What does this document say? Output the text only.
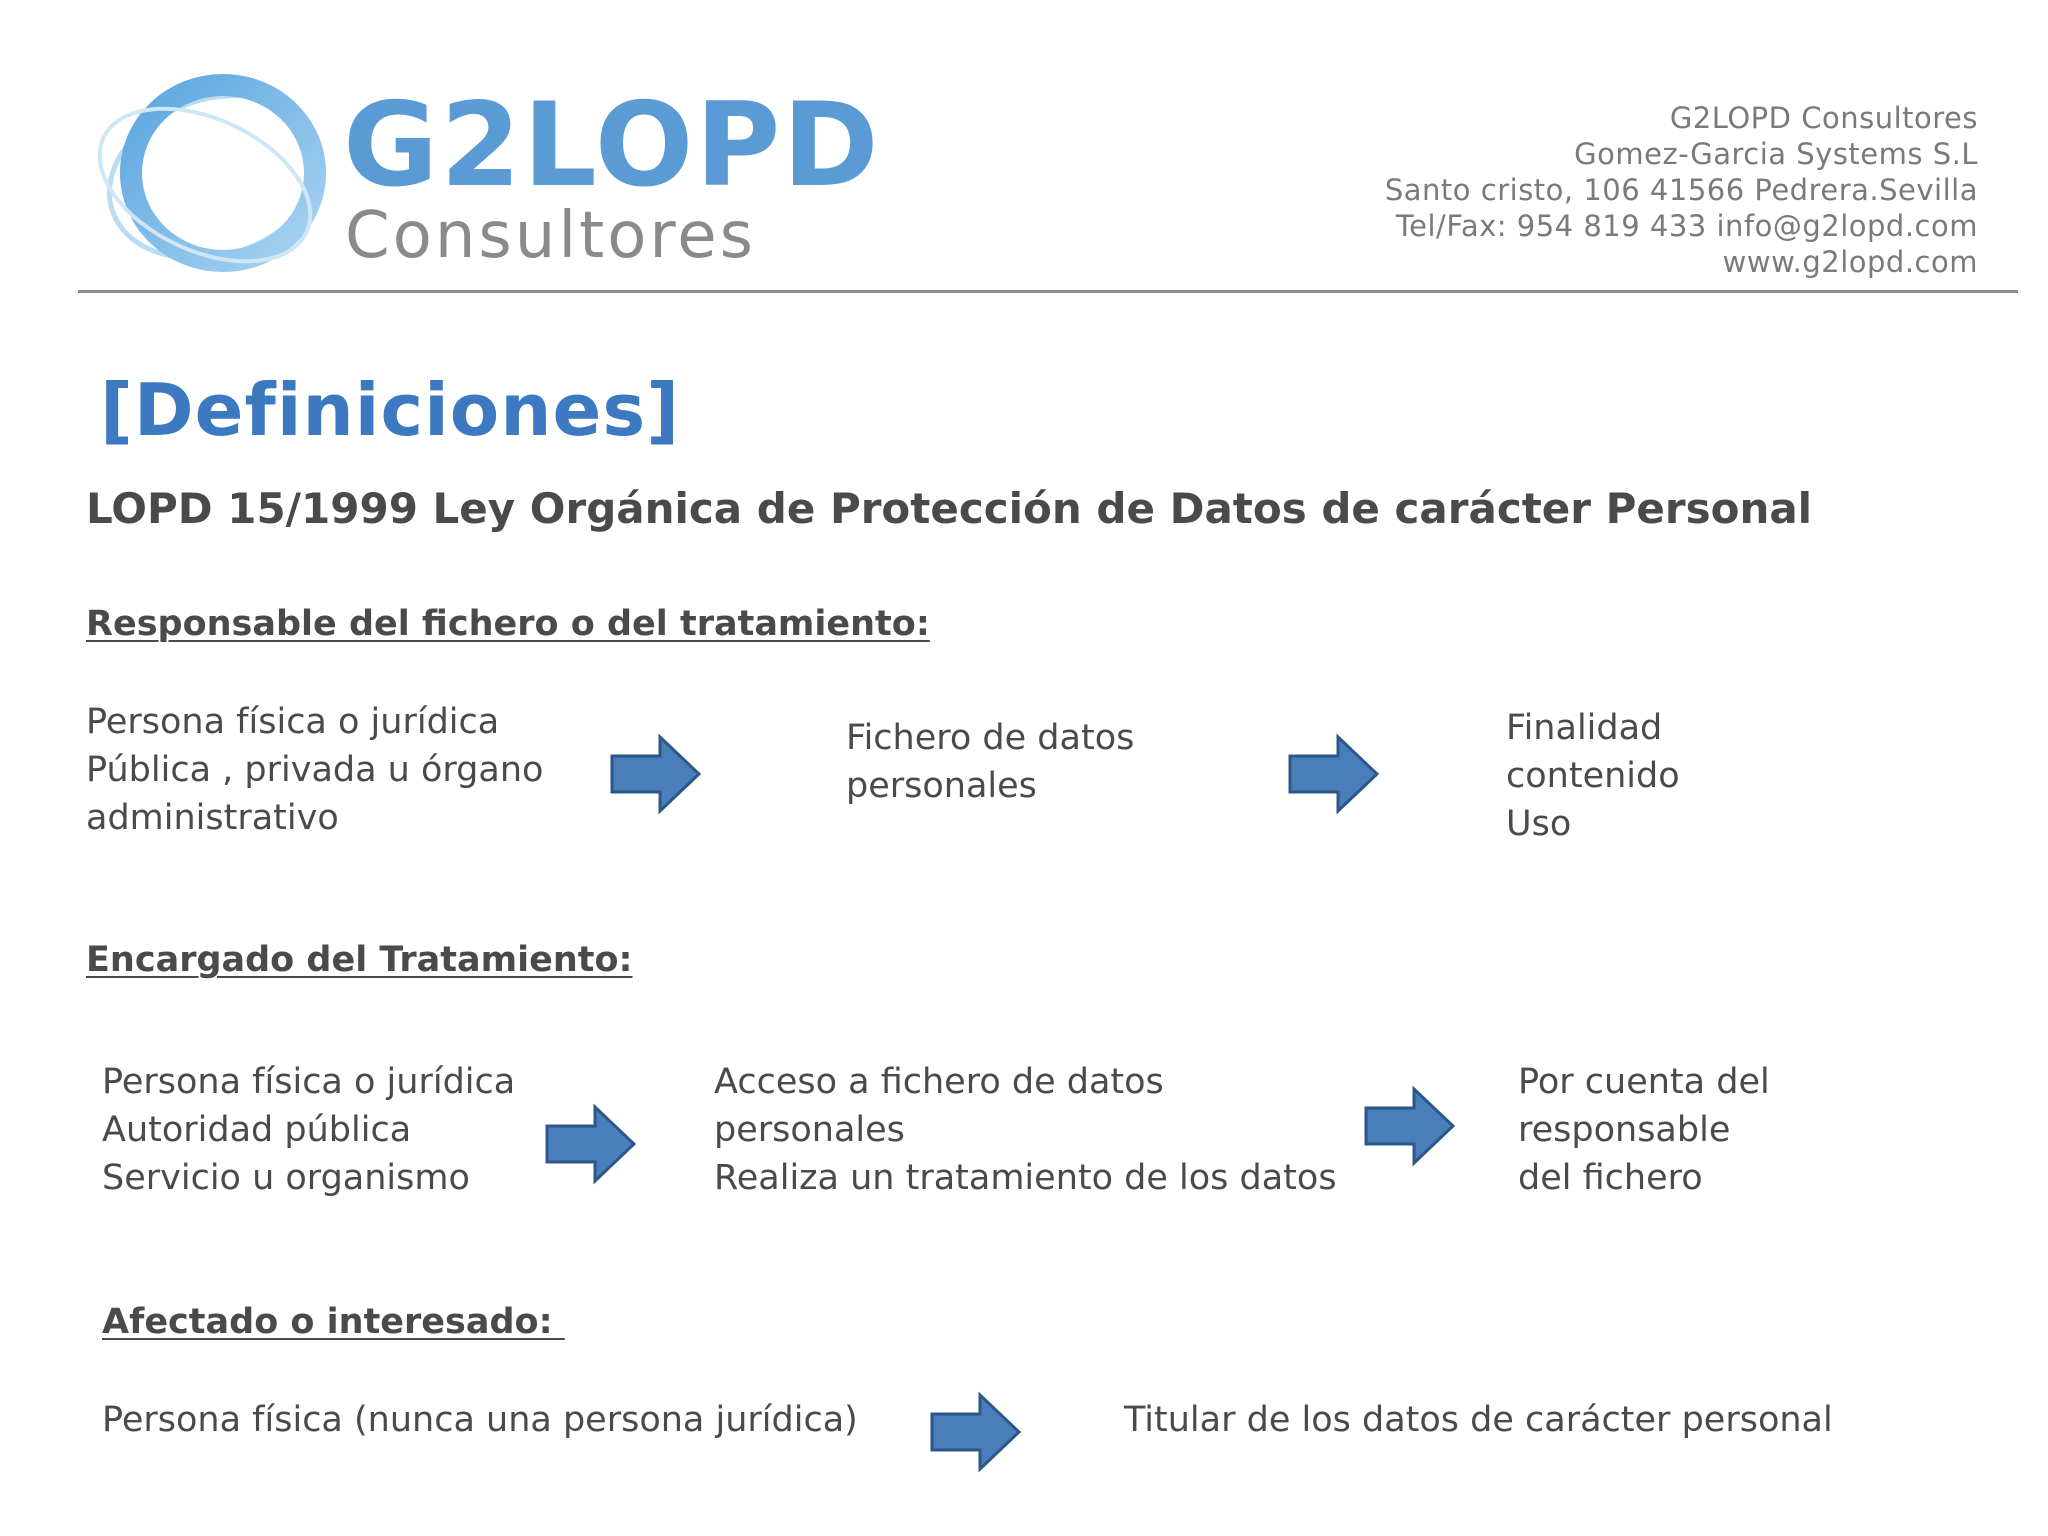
G2LOPD
Consultores
G2LOPD Consultores
Gomez-Garcia Systems S.L
Santo cristo, 106 41566 Pedrera.Sevilla
Tel/Fax: 954 819 433 info@g2lopd.com
www.g2lopd.com
[Definiciones]
LOPD 15/1999 Ley Orgánica de Protección de Datos de carácter Personal
Responsable del fichero o del tratamiento:
Persona física o jurídica
Pública , privada u órgano
administrativo
Fichero de datos
personales
Finalidad
contenido
Uso
Encargado del Tratamiento:
Persona física o jurídica
Autoridad pública
Servicio u organismo
Acceso a fichero de datos
personales
Realiza un tratamiento de los datos
Por cuenta del
responsable
del fichero
Afectado o interesado:
Persona física (nunca una persona jurídica)	Titular de los datos de carácter personal
